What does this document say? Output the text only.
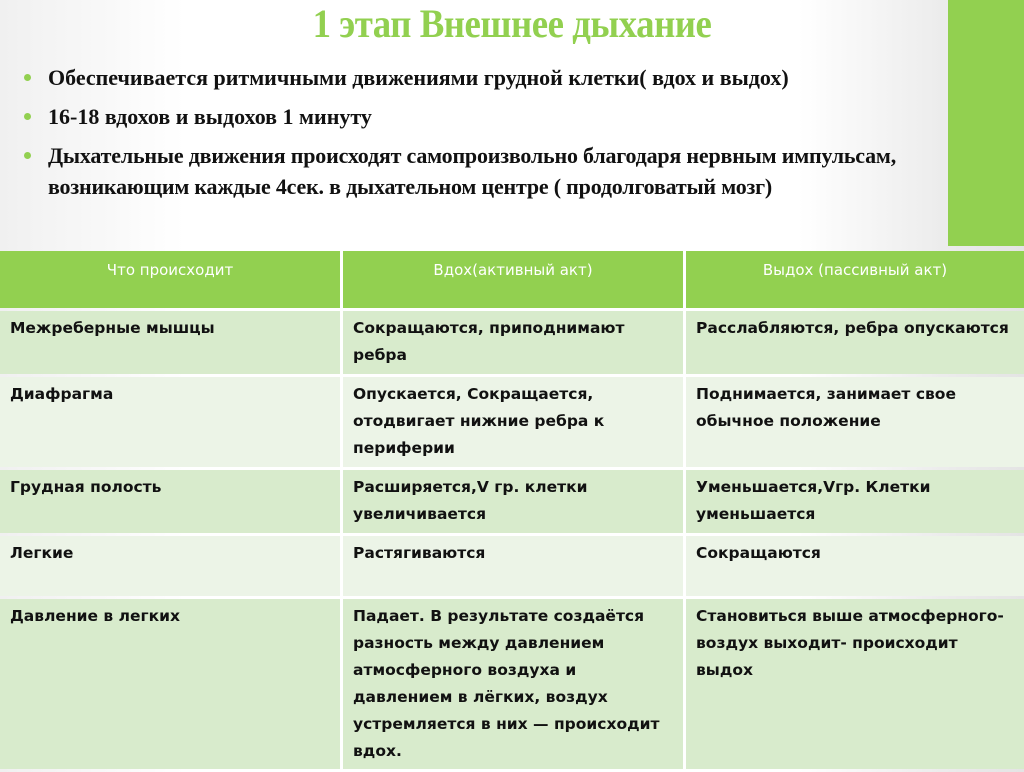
1 этап Внешнее дыхание
Обеспечивается ритмичными движениями грудной клетки( вдох и выдох)
16-18 вдохов и выдохов 1 минуту
Дыхательные движения происходят самопроизвольно благодаря нервным импульсам, возникающим каждые 4сек. в дыхательном центре ( продолговатый мозг)
Что происходит	Вдох(активный акт)	Выдох (пассивный акт)
Межреберные мышцы	Сокращаются, приподнимают ребра	Расслабляются, ребра опускаются
Диафрагма	Опускается, Сокращается, отодвигает нижние ребра к периферии	Поднимается, занимает свое обычное положение
Грудная полость	Расширяется,V гр. клетки увеличивается	Уменьшается,Vгр. Клетки уменьшается
Легкие	Растягиваются	Сокращаются
Давление в легких	Падает. В результате создаётся разность между давлением атмосферного воздуха и давлением в лёгких, воздух устремляется в них — происходит вдох.	Становиться выше атмосферного- воздух выходит- происходит выдох
